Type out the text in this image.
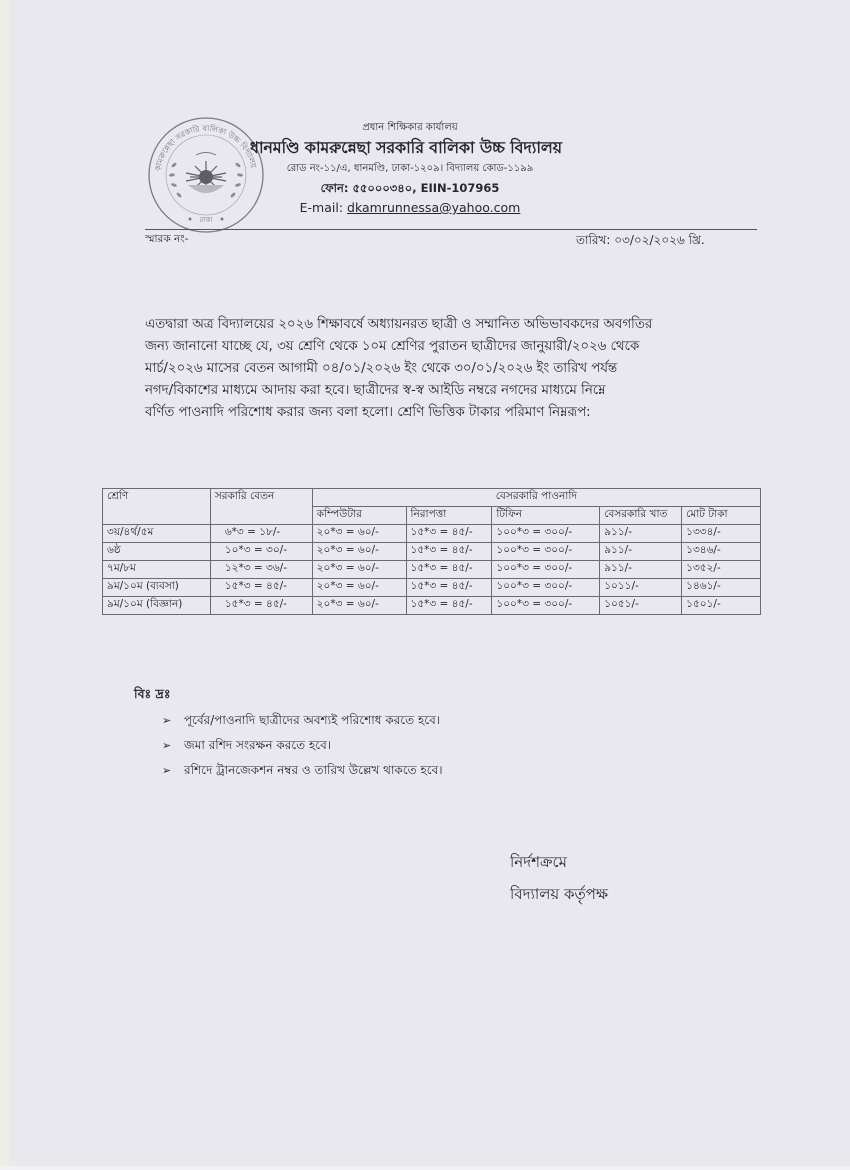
কামরুন্নেছা সরকারি বালিকা উচ্চ বিদ্যালয়
ঢাকা
প্রধান শিক্ষিকার কার্যালয়
ধানমণ্ডি কামরুন্নেছা সরকারি বালিকা উচ্চ বিদ্যালয়
রোড নং-১১/এ, ধানমণ্ডি, ঢাকা-১২০৯। বিদ্যালয় কোড-১১৯৯
ফোন: ৫৫০০০৩৪০, EIIN-107965
E-mail: dkamrunnessa@yahoo.com
স্মারক নং-	তারিখ: ০৩/০২/২০২৬ খ্রি.
এতদ্বারা অত্র বিদ্যালয়ের ২০২৬ শিক্ষাবর্ষে অধ্যায়নরত ছাত্রী ও সম্মানিত অভিভাবকদের অবগতির
জন্য জানানো যাচ্ছে যে, ৩য় শ্রেণি থেকে ১০ম শ্রেণির পুরাতন ছাত্রীদের জানুয়ারী/২০২৬ থেকে
মার্চ/২০২৬ মাসের বেতন আগামী ০৪/০১/২০২৬ ইং থেকে ৩০/০১/২০২৬ ইং তারিখ পর্যন্ত
নগদ/বিকাশের মাধ্যমে আদায় করা হবে। ছাত্রীদের স্ব-স্ব আইডি নম্বরে নগদের মাধ্যমে নিম্নে
বর্ণিত পাওনাদি পরিশোধ করার জন্য বলা হলো। শ্রেণি ভিত্তিক টাকার পরিমাণ নিম্নরূপ:
শ্রেণি	সরকারি বেতন	বেসরকারি পাওনাদি				
		কম্পিউটার	নিরাপত্তা	টিফিন	বেসরকারি খাত	মোট টাকা
৩য়/৪র্থ/৫ম	৬*৩ = ১৮/-	২০*৩ = ৬০/-	১৫*৩ = ৪৫/-	১০০*৩ = ৩০০/-	৯১১/-	১৩৩৪/-
৬ষ্ঠ	১০*৩ = ৩০/-	২০*৩ = ৬০/-	১৫*৩ = ৪৫/-	১০০*৩ = ৩০০/-	৯১১/-	১৩৪৬/-
৭ম/৮ম	১২*৩ = ৩৬/-	২০*৩ = ৬০/-	১৫*৩ = ৪৫/-	১০০*৩ = ৩০০/-	৯১১/-	১৩৫২/-
৯ম/১০ম (ব্যবসা)	১৫*৩ = ৪৫/-	২০*৩ = ৬০/-	১৫*৩ = ৪৫/-	১০০*৩ = ৩০০/-	১০১১/-	১৪৬১/-
৯ম/১০ম (বিজ্ঞান)	১৫*৩ = ৪৫/-	২০*৩ = ৬০/-	১৫*৩ = ৪৫/-	১০০*৩ = ৩০০/-	১০৫১/-	১৫০১/-
বিঃ দ্রঃ
➢ পূর্বের/পাওনাদি ছাত্রীদের অবশ্যই পরিশোধ করতে হবে।
➢ জমা রশিদ সংরক্ষন করতে হবে।
➢ রশিদে ট্রানজেকশন নম্বর ও তারিখ উল্লেখ থাকতে হবে।
নির্দশক্রমে
বিদ্যালয় কর্তৃপক্ষ
